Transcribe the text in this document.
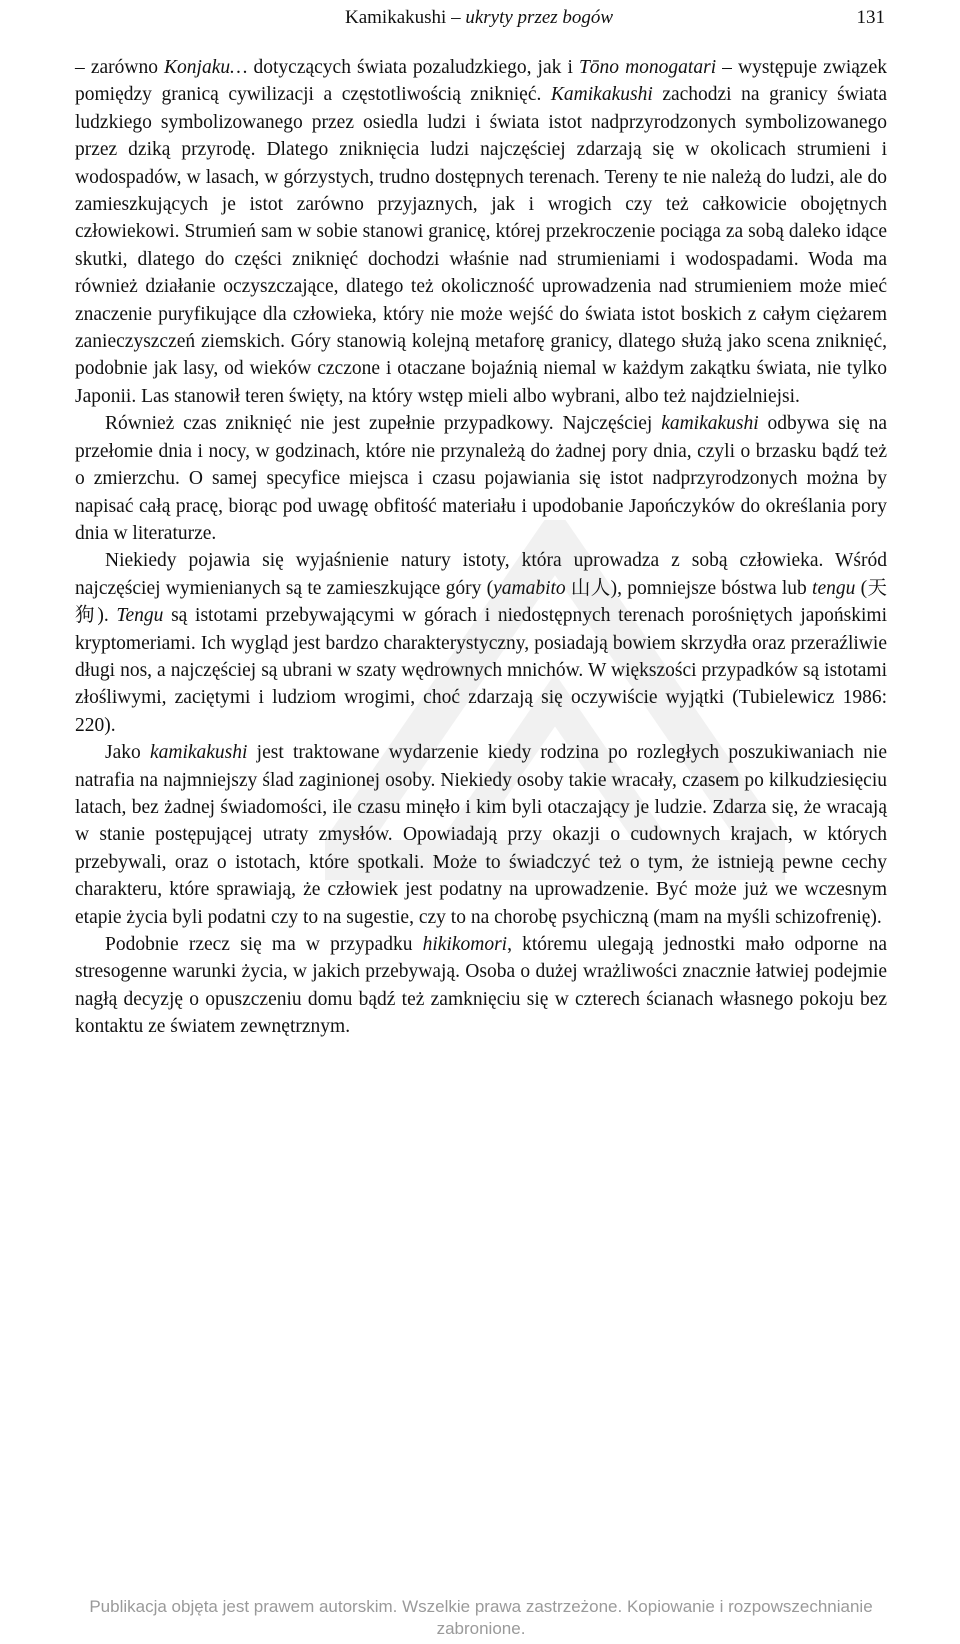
Kamikakushi – ukryty przez bogów	131

– zarówno Konjaku… dotyczących świata pozaludzkiego, jak i Tōno monogatari – występuje związek pomiędzy granicą cywilizacji a częstotliwością zniknięć. Kamikakushi zachodzi na granicy świata ludzkiego symbolizowanego przez osiedla ludzi i świata istot nadprzyrodzonych symbolizowanego przez dziką przyrodę. Dlatego zniknięcia ludzi najczęściej zdarzają się w okolicach strumieni i wodospadów, w lasach, w górzystych, trudno dostępnych terenach. Tereny te nie należą do ludzi, ale do zamieszkujących je istot zarówno przyjaznych, jak i wrogich czy też całkowicie obojętnych człowiekowi. Strumień sam w sobie stanowi granicę, której przekroczenie pociąga za sobą daleko idące skutki, dlatego do części zniknięć dochodzi właśnie nad strumieniami i wodospadami. Woda ma również działanie oczyszczające, dlatego też okoliczność uprowadzenia nad strumieniem może mieć znaczenie puryfikujące dla człowieka, który nie może wejść do świata istot boskich z całym ciężarem zanieczyszczeń ziemskich. Góry stanowią kolejną metaforę granicy, dlatego służą jako scena zniknięć, podobnie jak lasy, od wieków czczone i otaczane bojaźnią niemal w każdym zakątku świata, nie tylko Japonii. Las stanowił teren święty, na który wstęp mieli albo wybrani, albo też najdzielniejsi.

Również czas zniknięć nie jest zupełnie przypadkowy. Najczęściej kamikakushi odbywa się na przełomie dnia i nocy, w godzinach, które nie przynależą do żadnej pory dnia, czyli o brzasku bądź też o zmierzchu. O samej specyfice miejsca i czasu pojawiania się istot nadprzyrodzonych można by napisać całą pracę, biorąc pod uwagę obfitość materiału i upodobanie Japończyków do określania pory dnia w literaturze.

Niekiedy pojawia się wyjaśnienie natury istoty, która uprowadza z sobą człowieka. Wśród najczęściej wymienianych są te zamieszkujące góry (yamabito 山人), pomniejsze bóstwa lub tengu (天狗). Tengu są istotami przebywającymi w górach i niedostępnych terenach porośniętych japońskimi kryptomeriami. Ich wygląd jest bardzo charakterystyczny, posiadają bowiem skrzydła oraz przeraźliwie długi nos, a najczęściej są ubrani w szaty wędrownych mnichów. W większości przypadków są istotami złośliwymi, zaciętymi i ludziom wrogimi, choć zdarzają się oczywiście wyjątki (Tubielewicz 1986: 220).

Jako kamikakushi jest traktowane wydarzenie kiedy rodzina po rozległych poszukiwaniach nie natrafia na najmniejszy ślad zaginionej osoby. Niekiedy osoby takie wracały, czasem po kilkudziesięciu latach, bez żadnej świadomości, ile czasu minęło i kim byli otaczający je ludzie. Zdarza się, że wracają w stanie postępującej utraty zmysłów. Opowiadają przy okazji o cudownych krajach, w których przebywali, oraz o istotach, które spotkali. Może to świadczyć też o tym, że istnieją pewne cechy charakteru, które sprawiają, że człowiek jest podatny na uprowadzenie. Być może już we wczesnym etapie życia byli podatni czy to na sugestie, czy to na chorobę psychiczną (mam na myśli schizofrenię).

Podobnie rzecz się ma w przypadku hikikomori, któremu ulegają jednostki mało odporne na stresogenne warunki życia, w jakich przebywają. Osoba o dużej wrażliwości znacznie łatwiej podejmie nagłą decyzję o opuszczeniu domu bądź też zamknięciu się w czterech ścianach własnego pokoju bez kontaktu ze światem zewnętrznym.

Publikacja objęta jest prawem autorskim. Wszelkie prawa zastrzeżone. Kopiowanie i rozpowszechnianie zabronione.
